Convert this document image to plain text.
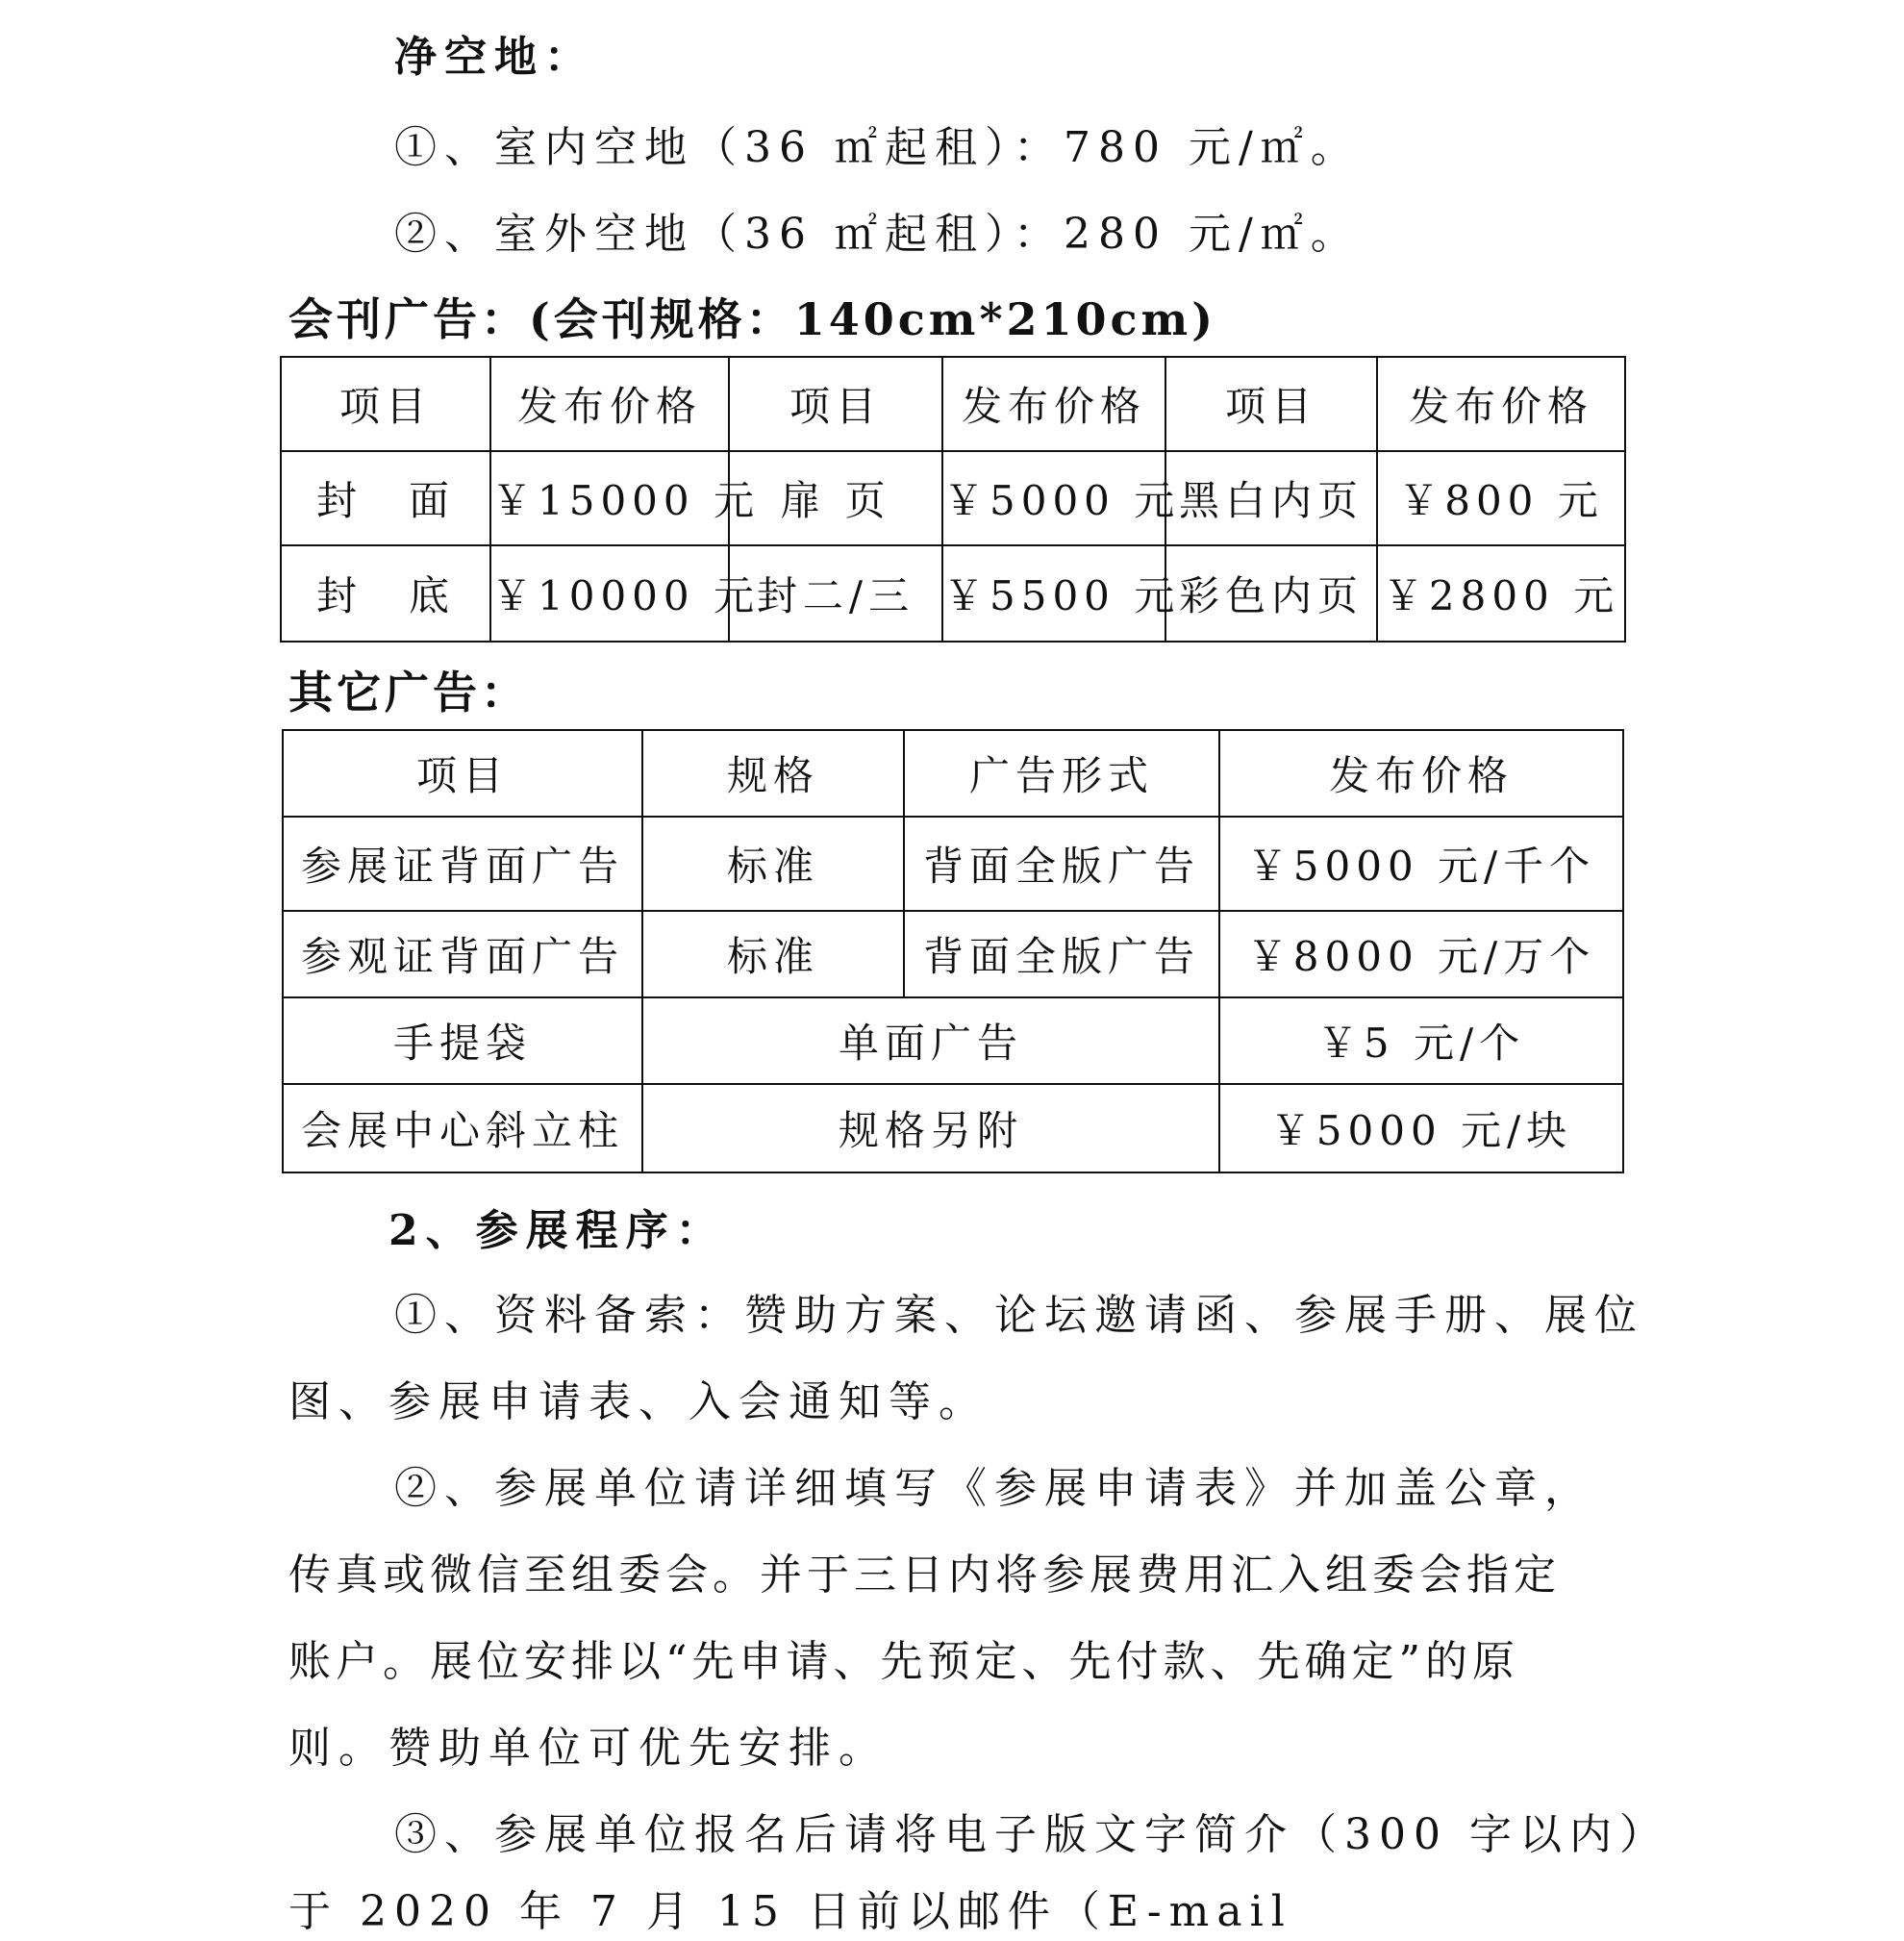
净空地：
①、室内空地（36 ㎡起租）：780 元/㎡。
②、室外空地（36 ㎡起租）：280 元/㎡。
会刊广告：(会刊规格：140cm*210cm)
项目	发布价格	项目	发布价格	项目	发布价格
封　面	￥15000 元	扉 页	￥5000 元	黑白内页	￥800 元
封　底	￥10000 元	封二/三	￥5500 元	彩色内页	￥2800 元
其它广告：
项目	规格	广告形式	发布价格
参展证背面广告	标准	背面全版广告	￥5000 元/千个
参观证背面广告	标准	背面全版广告	￥8000 元/万个
手提袋	单面广告		￥5 元/个
会展中心斜立柱	规格另附		￥5000 元/块
2、参展程序：
①、资料备索：赞助方案、论坛邀请函、参展手册、展位
图、参展申请表、入会通知等。
②、参展单位请详细填写《参展申请表》并加盖公章，
传真或微信至组委会。并于三日内将参展费用汇入组委会指定
账户。展位安排以“先申请、先预定、先付款、先确定”的原
则。赞助单位可优先安排。
③、参展单位报名后请将电子版文字简介（300 字以内）
于 2020 年 7 月 15 日前以邮件（E-mail
